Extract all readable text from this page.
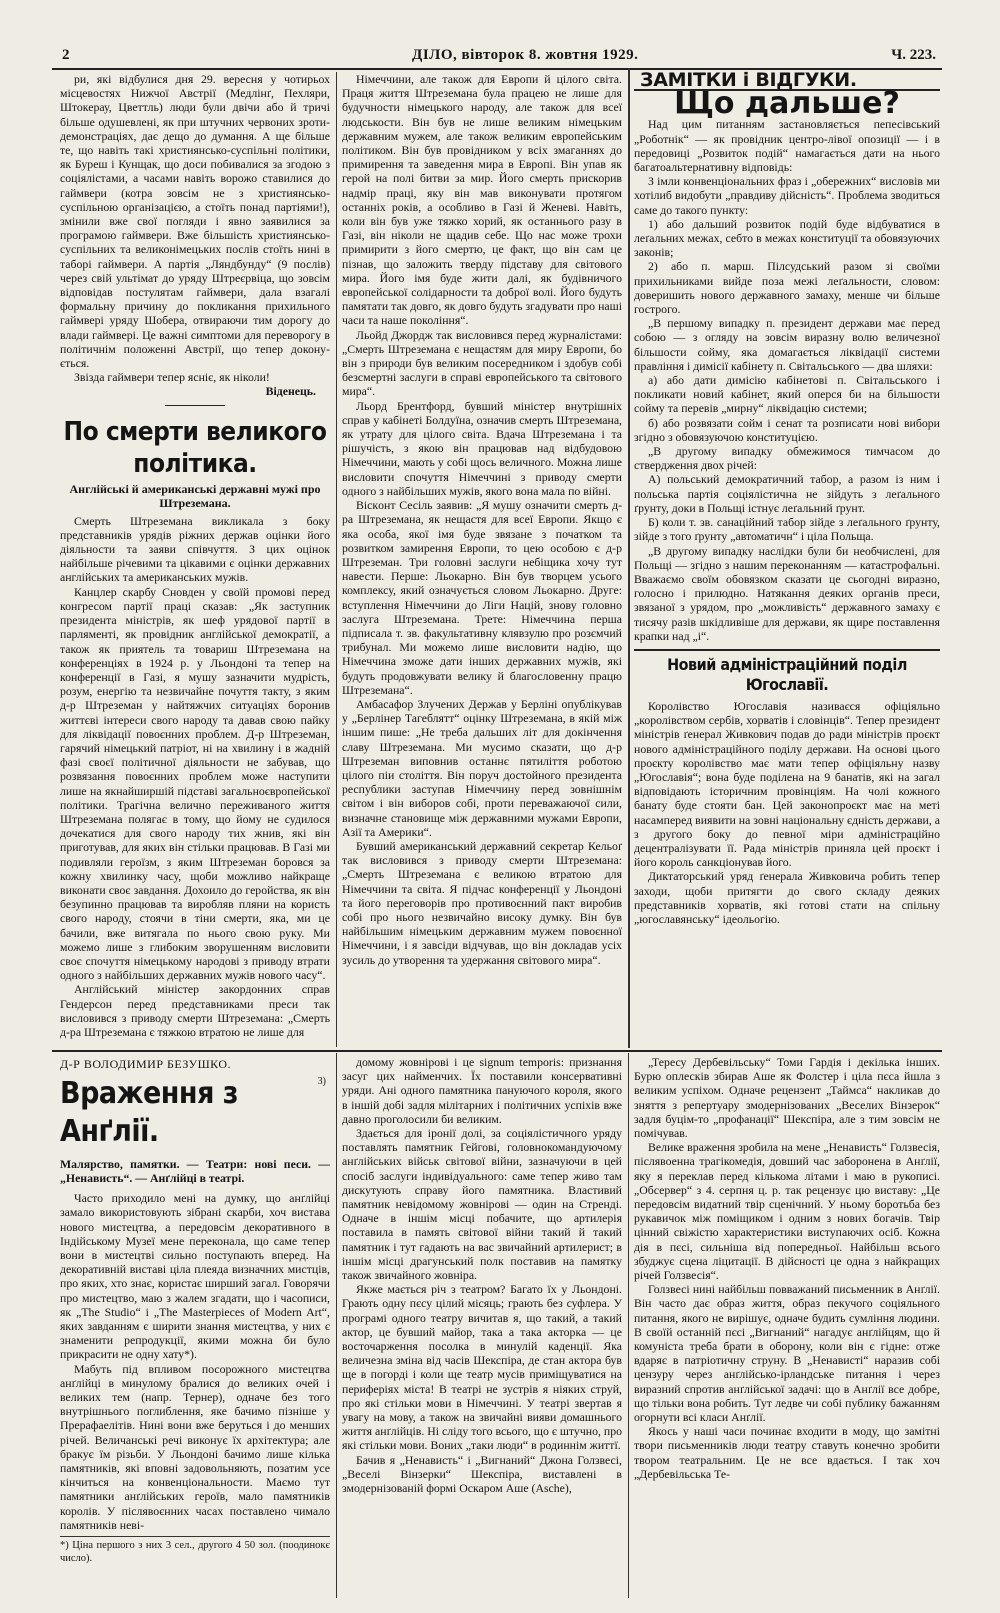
2	ДІЛО, вівторок 8. жовтня 1929.	Ч. 223.

ри, які відбулися дня 29. вересня у чотирьох місцевостях Нижчої Австрії (Медлінґ, Пехляри, Штокерау, Цветтль) люди були двічи або й тричі більше одушевлені, як при штучних червоних зротидемонстраціях, дає дещо до думання. А ще більше те, що навіть такі християнсько-суспільні політики, як Буреш і Кунщак, що доси побивалися за згодою з соціялістами, а часами навіть ворожо ставилися до гаймвери (котра зовсім не з християнсько-суспільною організацією, а стоїть понад партіями!), змінили вже свої погляди і явно заявилися за програмою гаймвери. Вже більшість християнсько-суспільних та великонімецьких послів стоїть нині в таборі гаймвери. А партія „Ляндбунду“ (9 послів) через свій ультімат до уряду Штреєрвіца, що зовсім відповідав постулятам гаймвери, дала взагалі формальну причину до покликання прихильного гаймвері уряду Шобера, отвираючи тим дорогу до влади гаймвері. Це важні симптоми для переворогу в політичнім положенні Австрії, що тепер доконується.

Звізда гаймвери тепер ясніє, як ніколи!

Віденець.
По смерти великого політика.
Англійські й американські державні мужі про Штреземана.

Смерть Штреземана викликала з боку представників урядів ріжних держав оцінки його діяльности та заяви співчуття. З цих оцінок найбільше річевими та цікавими є оцінки державних англійських та американських мужів.

Канцлер скарбу Сновден у своїй промові перед конгресом партії праці сказав: „Як заступник президента міністрів, як шеф урядової партії в парляменті, як провідник англійської демократії, а також як приятель та товариш Штреземана на конференціях в 1924 р. у Льондоні та тепер на конференції в Газі, я мушу зазначити мудрість, розум, енергію та незвичайне почуття такту, з яким д-р Штреземан у найтяжчих ситуаціях боронив життєві інтереси свого народу та давав свою пайку для ліквідації повоєнних проблем. Д-р Штреземан, гарячий німецький патріот, ні на хвилину і в жадній фазі своєї політичної діяльности не забував, що розвязання повоєнних проблем може наступити лише на якнайширшій підставі загальноєвропейської політики. Трагічна величнo переживаного життя Штреземана полягає в тому, що йому не судилося дочекатися для свого народу тих жнив, які він приготував, для яких він стільки працював. В Газі ми подивляли героїзм, з яким Штреземан боровся за кожну хвилинку часу, щоби можливо найкраще виконати своє завдання. Дохоило до геройства, як він безупинно працював та виробляв пляни на користь свого народу, стоячи в тіни смерти, яка, ми це бачили, вже витягала по нього свою руку. Ми можемо лише з глибоким зворушенням висловити своє спочуття німецькому народові з приводу втрати одного з найбільших державних мужів нового часу“.

Англійський міністер закордонних справ Гендерсон перед представниками преси так висловився з приводу смерти Штреземана: „Смерть д-ра Штреземана є тяжкою втратою не лише для

Німеччини, але також для Европи й цілого світа. Праця життя Штреземана була працею не лише для будучности німецького народу, але також для всеї людськости. Він був не лише великим німецьким державним мужем, але також великим европейським політиком. Він був провідником у всіх змаганнях до примирення та заведення мира в Европі. Він упав як герой на полі битви за мир. Його смерть прискорив надмір праці, яку він мав виконувати протягом останніх років, а особливо в Газі й Женеві. Навіть, коли він був уже тяжко хорий, як останнього разу в Газі, він ніколи не щадив себе. Що нас може трохи примирити з його смертю, це факт, що він сам це пізнав, що заложить тверду підставу для світового мира. Його імя буде жити далі, як будівничого европейської солідарности та доброї волі. Його будуть памятати так довго, як довго будуть згадувати про наші часи та наше покоління“.

Льойд Джордж так висловився перед журналістами: „Смерть Штреземана є нещастям для миру Европи, бо він з природи був великим посередником і здобув собі безсмертні заслуги в справі европейського та світового мира“.

Льорд Брентфорд, бувший міністер внутрішніх справ у кабінеті Болдуїна, означив смерть Штреземана, як утрату для цілого світа. Вдача Штреземана і та рішучість, з якою він працював над відбудовою Німеччини, мають у собі щось величного. Можна лише висловити спочуття Німеччині з приводу смерти одного з найбільших мужів, якого вона мала по війні.

Віскoнт Сесіль заявив: „Я мушу означити смерть д-ра Штреземана, як нещастя для всеї Европи. Якщо є яка особа, якої імя буде звязане з початком та розвитком замирення Европи, то цею особою є д-р Штреземан. Три головні заслуги небіщика хочу тут навести. Перше: Льокарно. Він був творцем усього комплексу, який означується словом Льокарно. Друге: вступлення Німеччини до Ліги Націй, знову головно заслуга Штреземана. Трете: Німеччина перша підписала т. зв. факультативну клявзулю про розємчий трибунал. Ми можемо лише висловити надію, що Німеччина зможе дати інших державних мужів, які будуть продовжувати велику й благословенну працю Штреземана“.

Амбасафор Злучених Держав у Берліні опублікував у „Берлінер Тагеблятт“ оцінку Штреземана, в якій між іншим пише: „Не треба дальших літ для докінчення славу Штреземана. Ми мусимо сказати, що д-р Штреземан виповнив останнє пятиліття роботою цілого піи століття. Він поруч достойного президента республики заступав Німеччину перед зовнішнім світом і він виборов собі, проти переважаючої сили, визначне становище між державними мужами Европи, Азії та Америки“.

Бувший американський державний секретар Кельоґ так висловився з приводу смерти Штреземана: „Смерть Штреземана є великою втратою для Німеччини та світа. Я підчас конференції у Льондоні та його переговорів про противоєнний пакт виробив собі про нього незвичайно високу думку. Він був найбільшим німецьким державним мужем повоєнної Німеччини, і я завсіди відчував, що він докладав усіх зусиль до утворення та удержання світового мира“.

ЗАМІТКИ і ВІДГУКИ.
Що дальше?

Над цим питанням застановляється пепесівський „Роботнік“ — як провідник центро-лівої опозиції — і в передовиці „Розвиток подій“ намагається дати на нього багатоальтернативну відповідь:

З імли конвенціональних фраз і „обережних“ висловів ми хотілиб видобути „правдиву дійсність“. Проблема зводиться саме до такого пункту:

1) або дальший розвиток подій буде відбуватися в леґальних межах, себто в межах конституції та обовязуючих законів;

2) або п. марш. Пілсудський разом зі своїми прихильниками вийде поза межі леґальности, словом: доверишить нового державного замаху, менше чи більше гострого.

„В першому випадку п. президент держави має перед собою — з огляду на зовсім виразну волю величезної більшости сойму, яка домагається ліквідації системи правління і димісії кабінету п. Світальського — два шляхи:

а) або дати димісію кабінетові п. Світальського і покликати новий кабінет, який оперся би на більшости сойму та перевів „мирну“ ліквідацію системи;

б) або розвязати сойм і сенат та розписати нові вибори згідно з обовязуючою конституцією.

„В другому випадку обмежимося тимчасом до ствердження двох річей:

А) польський демократичний табор, а разом із ним і польська партія соціялістична не зійдуть з леґального ґрунту, доки в Польщі істнує леґальний ґрунт.

Б) коли т. зв. санаційний табор зійде з леґального ґрунту, зійде з того ґрунту „автоматичн“ і ціла Польща.

„В другому випадку наслідки були би необчислені, для Польщі — згідно з нашим переконанням — катастрофальні. Вважаємо своїм обовязком сказати це сьогодні виразно, голосно і прилюдно. Натякання деяких органів преси, звязаної з урядом, про „можливість“ державного замаху є тисячу разів шкідливіше для держави, як щире поставлення крапки над „і“.

Новий адміністраційний поділ Югославії.

Королівство Югославія називаєся офіціяльно „королівством сербів, хорватів і словінців“. Тепер президент міністрів ґенерал Живкович подав до ради міністрів проєкт нового адміністраційного поділу держави. На основі цього проєкту королівство має мати тепер офіціяльну назву „Югославія“; вона буде поділена на 9 банатів, які на загал відповідають історичним провінціям. На чолі кожного банату буде стояти бан. Цей законопроєкт має на меті насампеpед виявити на зовні національну єдність держави, а з другого боку до певної міри адміністраційно децентралізувати її. Рада міністрів приняла цей проєкт і його король санкціонував його.

Диктаторський уряд ґенерала Живковича робить тепер заходи, щоби притягти до свого складу деяких представників хорватів, які готові стати на спільну „югославянську“ ідеольогію.

Д-Р ВОЛОДИМИР БЕЗУШКО.
Враження з Анґлії.
3)
Малярство, памятки. — Театри: нові песи. — „Ненависть“. — Анґлійці в театрі.

Часто приходило мені на думку, що анґлійці замало використовують зібрані скарби, хоч виставa нового мистецтва, а передовсім декоративного в Індійському Музеї мене переконала, що саме тепер вони в мистецтві сильно поступають вперед. На декоративній виставі ціла плеяда визначних мистців, про яких, хто знає, користає ширший загал. Говорячи про мистецтво, маю з жалем згадати, що і часописи, як „The Studio“ і „The Masterpieces of Modern Art“, яких завданням є ширити знання мистецтва, у них є знаменити репродукції, якими можна би було прикрасити не одну хату*).

Мабуть під впливом посорожного мистецтва анґлійці в минулому бралися до великих очей і великих тем (напр. Тернер), одначе без того внутрішнього поглиблення, яке бачимо пізніше у Прерафаелітів. Нині вони вже беруться і до менших річей. Величанські речі виконує їх архітектура; але бракує їм різьби. У Льондоні бачимо лише кілька памятників, які вповні задовольняють, позатим усе кінчиться на конвенціональности. Маємо тут памятники анґлійських героїв, мало памятників королів. У післявоєнних часах поставлено чимало памятників неві-

*) Ціна першого з них 3 сел., другого 4 50 зол. (поодинокє число).

домому жовнірові і це signum temporis: признання засуг цих найменчих. Їх поставили консервативні уряди. Ані одного памятника пануючого короля, якого в іншій добі задля мілітарних і політичних успіхів вже давно проголосили би великим.

Здається для іронії долі, за соціялістичного уряду поставлять памятник Гейгові, головнокомандуючому анґлійських військ світової війни, зазначуючи в цей спосіб заслуги індивідуального: саме тепер живо там дискутують справу його памятника. Властивий памятник невідомому жовнірові — один на Стренді. Одначе в іншім місці побачите, що артилерія поставила в память світової війни такий й такий памятник і тут гадають на вас звичайний артилерист; в іншім місці драгунський полк поставив на памятку також звичайного жовніра.

Якже мається річ з театром? Багато їх у Льондоні. Грають одну пєсу цілий місяць; грають без суфлера. У програмі одного театру вичитав я, що такий, а такий актор, це бувший майор, така а така акторка — це восточарження посолка в минулій каденції. Яка величезна зміна від часів Шекспіра, де стан актора був ще в погорді і коли ще театр мусів приміщуватися на периферіях міста! В театрі не зустрів я ніяких струй, про які стільки мови в Німеччині. У театрі звертав я увагу на мову, а також на звичайні вияви домашнього життя анґлійців. Ні сліду того всього, що є штучно, про які стільки мови. Воних „таки люди“ в родиннім життї.

Бачив я „Ненависть“ і „Вигнаний“ Джона Голзвесі, „Веселі Вінзерки“ Шекспіра, виставлені в змодернізованій формі Оскаром Аше (Asche),

„Тересу Дербевільську“ Томи Гардія і декілька інших. Бурю оплесків збирав Аше як Фолстер і ціла пєса йшла з великим успіхом. Одначе рецензент „Таймса“ накликав до зняття з репертуару змодернізованих „Веселих Вінзерок“ задля буцім-то „профанації“ Шекспіра, але з тим зовсім не помічував.

Велике враження зробила на мене „Ненависть“ Голзвесія, післявоенна трагікомедія, довший час заборонена в Анґлії, яку я переклав перед кількома літами і маю в рукописі. „Обсервер“ з 4. серпня ц. р. так рецензує цю виставу: „Це передовсім видатний твір сценічний. У ньому боротьба без рукавичок між поміщиком і одним з нових богачів. Твір цінний свіжістю характеристики виступаючих осіб. Кожна дія в пєсі, сильніша від попередньої. Найбільш всього збуджує сцена ліцитації. В дійсності це одна з найкращих річей Голзвесія“.

Голзвесі нині найбільш повважаний письменник в Анґлії. Він часто дає образ життя, образ пекучого соціяльного питання, якого не вирішує, одначе будить сумління людини. В своїй останній пєсі „Вигнаний“ нагадує анґлійцям, що й комуніста треба брати в оборону, коли він є гідне: отже вдаряє в патріотичну струну. В „Ненависті“ наразив собі цензуру через анґлійсько-ірландське питання і через виразний спротив анґлійської задачі: що в Анґлії все добре, що тільки вона робить. Тут ледве чи собі публику бажанням огорнути всі класи Анґлії.

Якось у наші часи починає входити в моду, що замітні твори письменників люди театру ставуть конечно зробити твором театральним. Це не все вдається. І так хоч „Дербевільська Те-
